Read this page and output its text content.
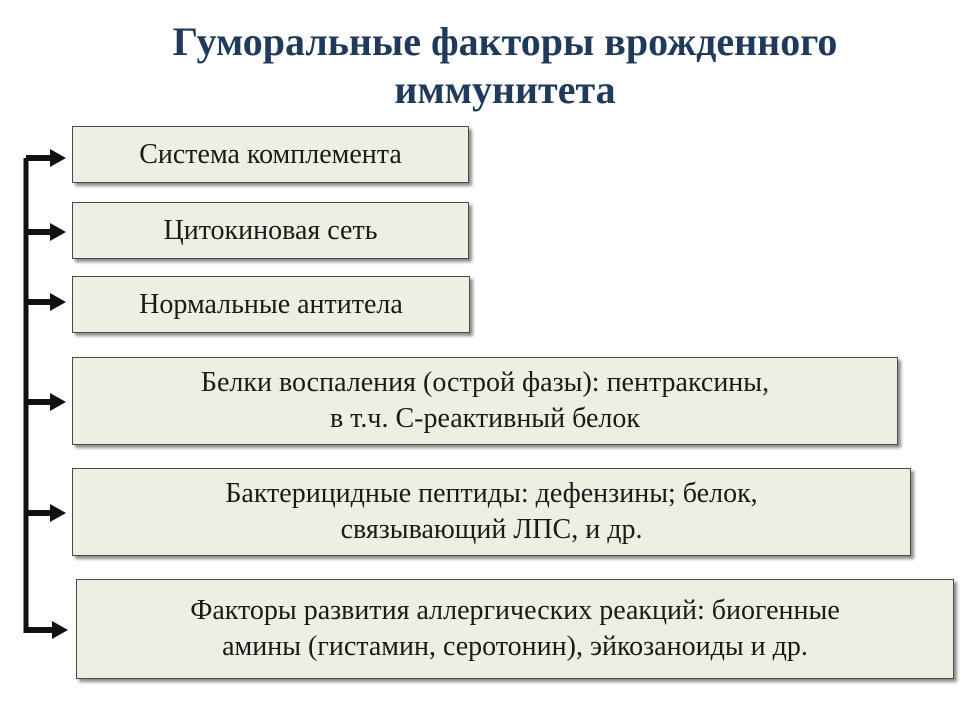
Гуморальные факторы врожденного
иммунитета
Система комплемента
Цитокиновая сеть
Нормальные антитела
Белки воспаления (острой фазы): пентраксины,
в т.ч. С-реактивный белок
Бактерицидные пептиды: дефензины; белок,
связывающий ЛПС, и др.
Факторы развития аллергических реакций: биогенные
амины (гистамин, серотонин), эйкозаноиды и др.
